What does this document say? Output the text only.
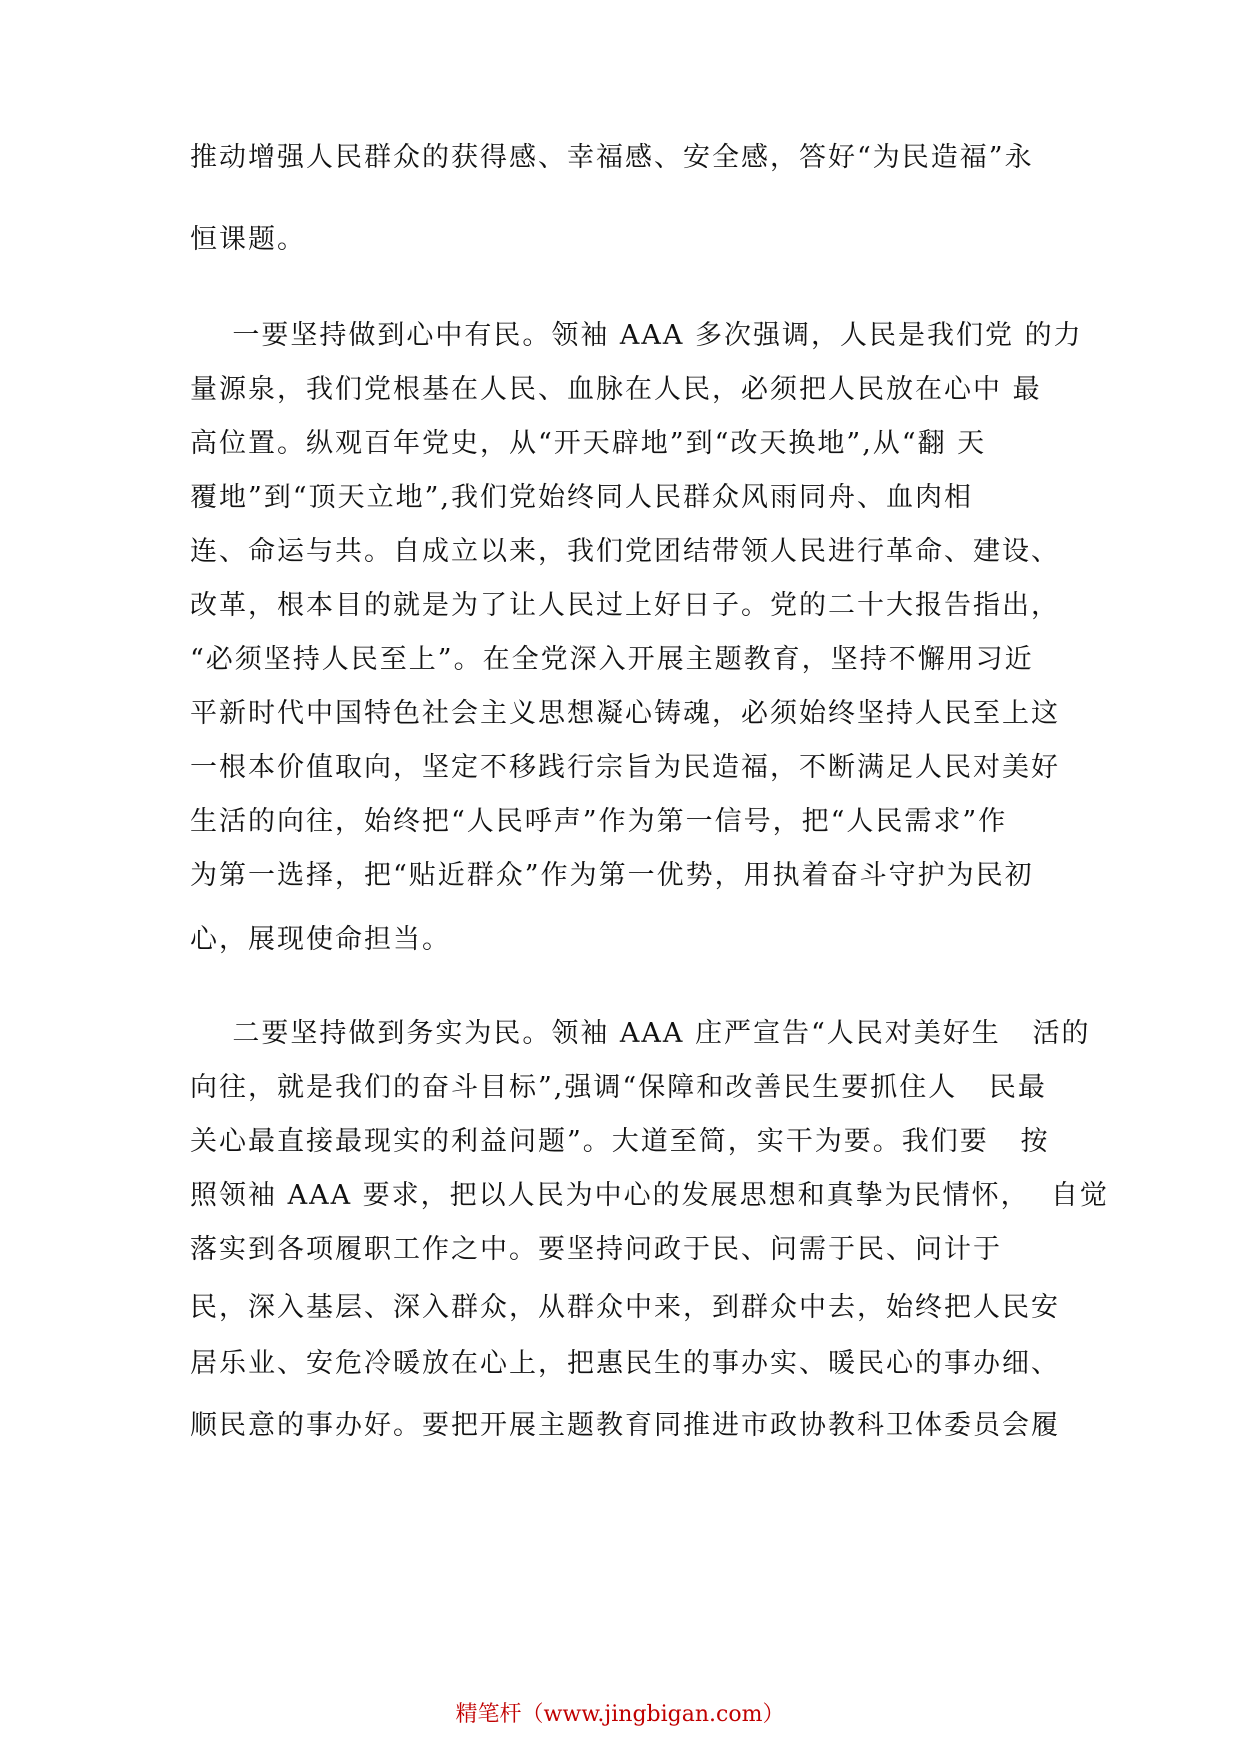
推动增强人民群众的获得感、幸福感、安全感，答好“为民造福”永
恒课题。
一要坚持做到心中有民。领袖 AAA 多次强调，人民是我们党 的力
量源泉，我们党根基在人民、血脉在人民，必须把人民放在心中 最
高位置。纵观百年党史，从“开天辟地”到“改天换地”,从“翻 天
覆地”到“顶天立地”,我们党始终同人民群众风雨同舟、血肉相
连、命运与共。自成立以来，我们党团结带领人民进行革命、建设、
改革，根本目的就是为了让人民过上好日子。党的二十大报告指出，
“必须坚持人民至上”。在全党深入开展主题教育，坚持不懈用习近
平新时代中国特色社会主义思想凝心铸魂，必须始终坚持人民至上这
一根本价值取向，坚定不移践行宗旨为民造福，不断满足人民对美好
生活的向往，始终把“人民呼声”作为第一信号，把“人民需求”作
为第一选择，把“贴近群众”作为第一优势，用执着奋斗守护为民初
心，展现使命担当。
二要坚持做到务实为民。领袖 AAA 庄严宣告“人民对美好生   活的
向往，就是我们的奋斗目标”,强调“保障和改善民生要抓住人   民最
关心最直接最现实的利益问题”。大道至简，实干为要。我们要   按
照领袖 AAA 要求，把以人民为中心的发展思想和真挚为民情怀，  自觉
落实到各项履职工作之中。要坚持问政于民、问需于民、问计于
民，深入基层、深入群众，从群众中来，到群众中去，始终把人民安
居乐业、安危冷暖放在心上，把惠民生的事办实、暖民心的事办细、
顺民意的事办好。要把开展主题教育同推进市政协教科卫体委员会履
精笔杆（www.jingbigan.com）
